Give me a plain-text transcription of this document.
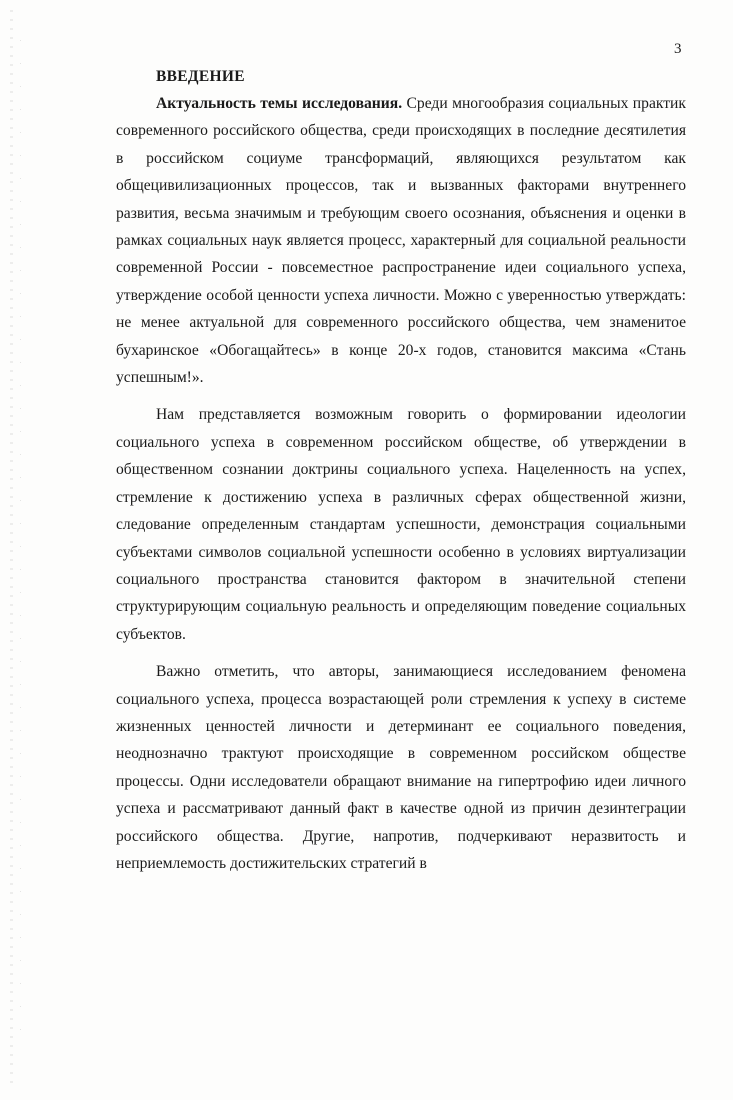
3
ВВЕДЕНИЕ

Актуальность темы исследования. Среди многообразия социальных практик современного российского общества, среди происходящих в последние десятилетия в российском социуме трансформаций, являющихся результатом как общецивилизационных процессов, так и вызванных факторами внутреннего развития, весьма значимым и требующим своего осознания, объяснения и оценки в рамках социальных наук является процесс, характерный для социальной реальности современной России - повсеместное распространение идеи социального успеха, утверждение особой ценности успеха личности. Можно с уверенностью утверждать: не менее актуальной для современного российского общества, чем знаменитое бухаринское «Обогащайтесь» в конце 20-х годов, становится максима «Стань успешным!».

Нам представляется возможным говорить о формировании идеологии социального успеха в современном российском обществе, об утверждении в общественном сознании доктрины социального успеха. Нацеленность на успех, стремление к достижению успеха в различных сферах общественной жизни, следование определенным стандартам успешности, демонстрация социальными субъектами символов социальной успешности особенно в условиях виртуализации социального пространства становится фактором в значительной степени структурирующим социальную реальность и определяющим поведение социальных субъектов.

Важно отметить, что авторы, занимающиеся исследованием феномена социального успеха, процесса возрастающей роли стремления к успеху в системе жизненных ценностей личности и детерминант ее социального поведения, неоднозначно трактуют происходящие в современном российском обществе процессы. Одни исследователи обращают внимание на гипертрофию идеи личного успеха и рассматривают данный факт в качестве одной из причин дезинтеграции российского общества. Другие, напротив, подчеркивают неразвитость и неприемлемость достижительских стратегий в
